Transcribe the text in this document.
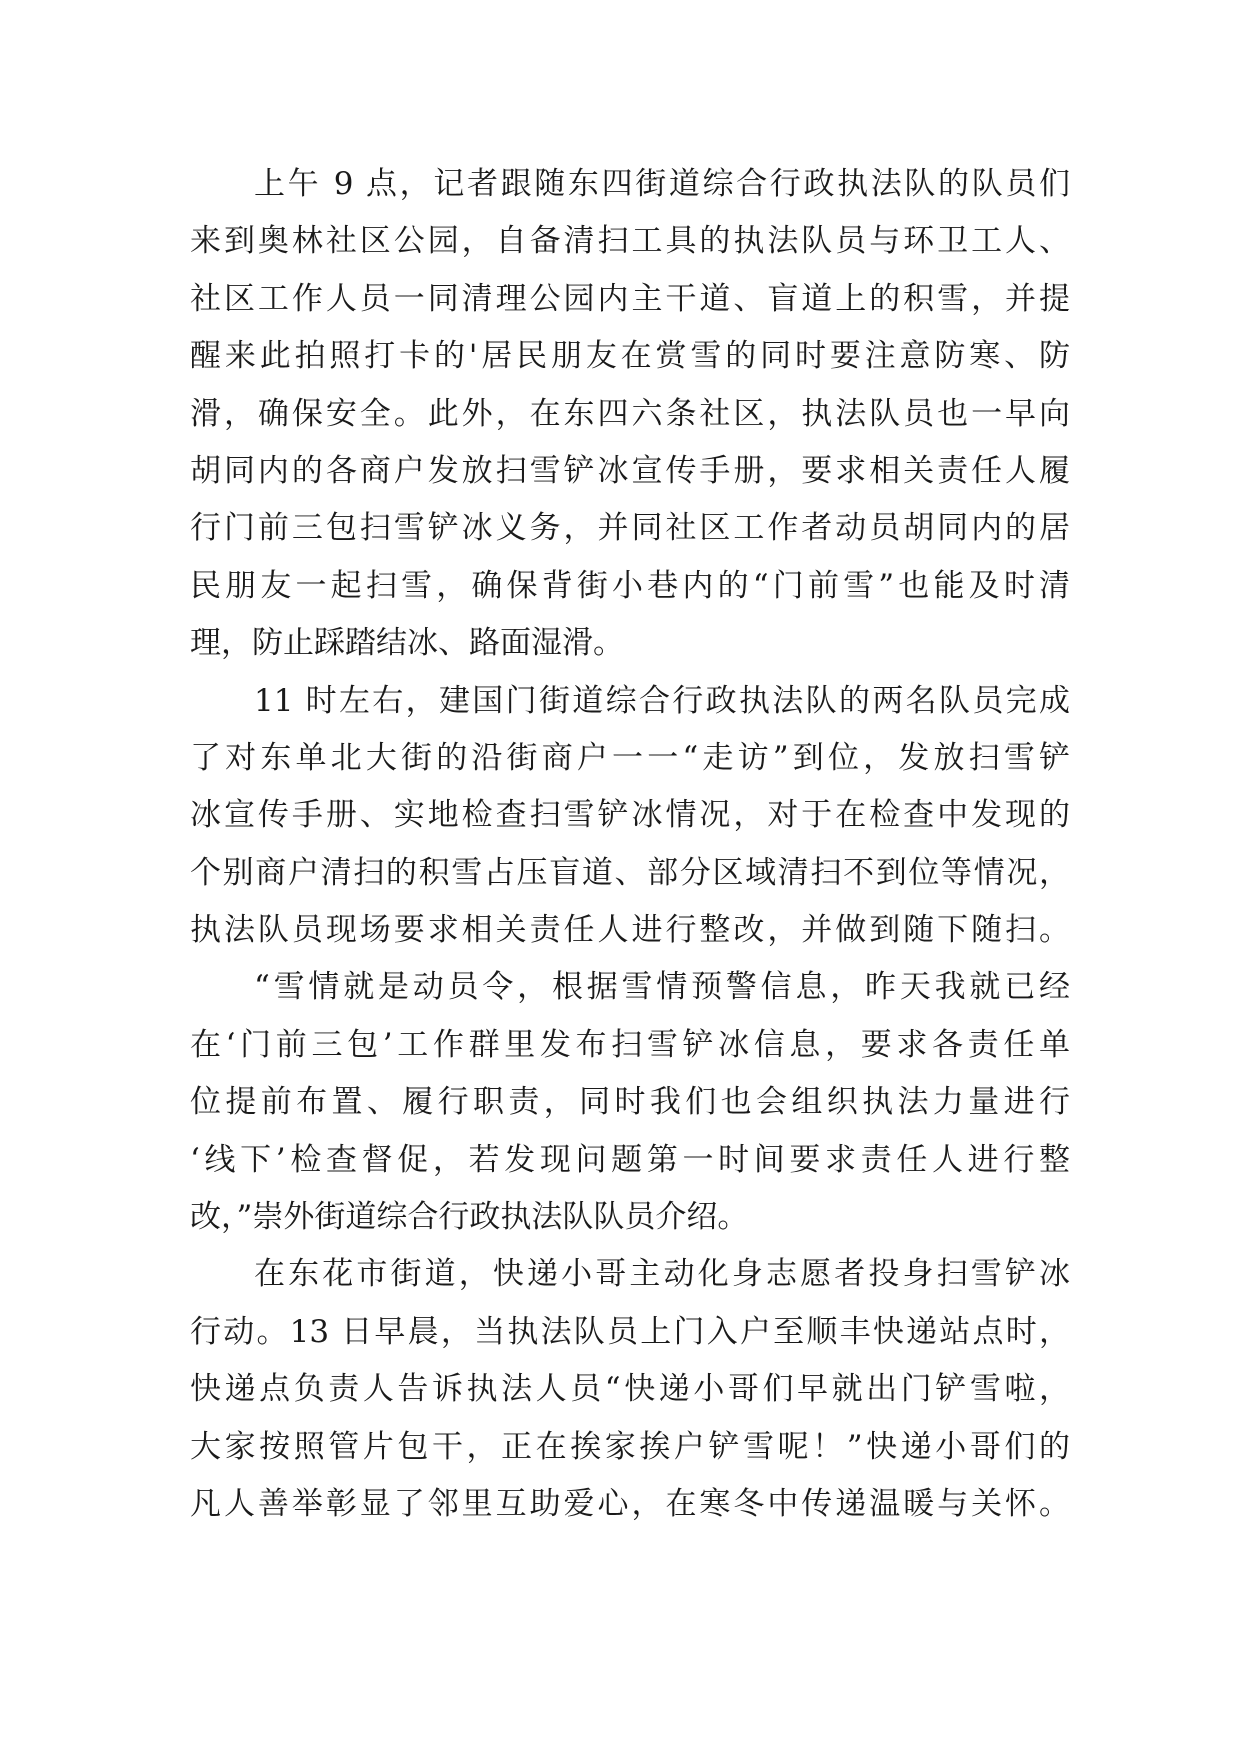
上午 9 点，记者跟随东四街道综合行政执法队的队员们
来到奥林社区公园，自备清扫工具的执法队员与环卫工人、
社区工作人员一同清理公园内主干道、盲道上的积雪，并提
醒来此拍照打卡的'居民朋友在赏雪的同时要注意防寒、防
滑，确保安全。此外，在东四六条社区，执法队员也一早向
胡同内的各商户发放扫雪铲冰宣传手册，要求相关责任人履
行门前三包扫雪铲冰义务，并同社区工作者动员胡同内的居
民朋友一起扫雪，确保背街小巷内的“门前雪”也能及时清
理，防止踩踏结冰、路面湿滑。
11 时左右，建国门街道综合行政执法队的两名队员完成
了对东单北大街的沿街商户一一“走访”到位，发放扫雪铲
冰宣传手册、实地检查扫雪铲冰情况，对于在检查中发现的
个别商户清扫的积雪占压盲道、部分区域清扫不到位等情况，
执法队员现场要求相关责任人进行整改，并做到随下随扫。
“雪情就是动员令，根据雪情预警信息，昨天我就已经
在‘门前三包’工作群里发布扫雪铲冰信息，要求各责任单
位提前布置、履行职责，同时我们也会组织执法力量进行
‘线下’检查督促，若发现问题第一时间要求责任人进行整
改，”崇外街道综合行政执法队队员介绍。
在东花市街道，快递小哥主动化身志愿者投身扫雪铲冰
行动。13 日早晨，当执法队员上门入户至顺丰快递站点时，
快递点负责人告诉执法人员“快递小哥们早就出门铲雪啦，
大家按照管片包干，正在挨家挨户铲雪呢！”快递小哥们的
凡人善举彰显了邻里互助爱心，在寒冬中传递温暖与关怀。
